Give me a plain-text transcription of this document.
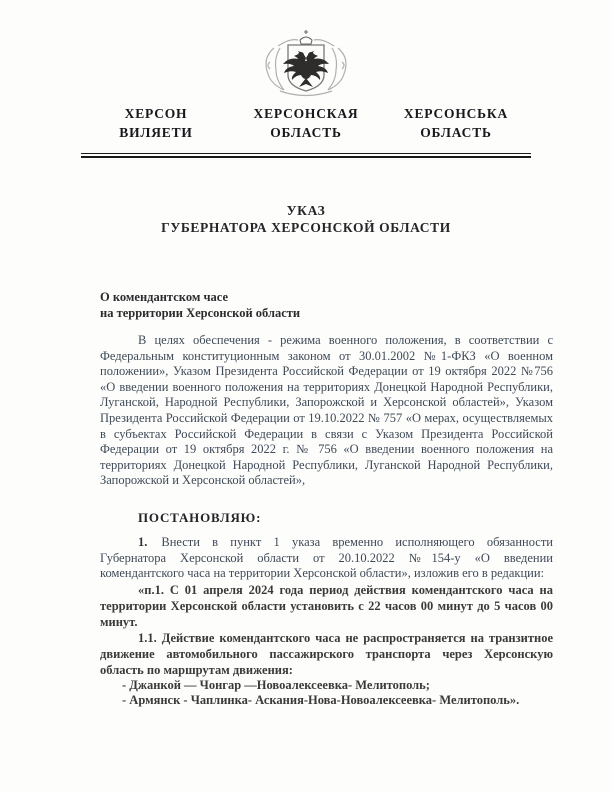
ХЕРСОН
ВИЛЯЕТИ
ХЕРСОНСКАЯ
ОБЛАСТЬ
ХЕРСОНСЬКА
ОБЛАСТЬ
УКАЗ
ГУБЕРНАТОРА ХЕРСОНСКОЙ ОБЛАСТИ
О комендантском часе
на территории Херсонской области

В целях обеспечения - режима военного положения, в соответствии с Федеральным конституционным законом от 30.01.2002 №1-ФКЗ «О военном положении», Указом Президента Российской Федерации от 19 октября 2022 №756 «О введении военного положения на территориях Донецкой Народной Республики, Луганской, Народной Республики, Запорожской и Херсонской областей», Указом Президента Российской Федерации от 19.10.2022 № 757 «О мерах, осуществляемых в субъектах Российской Федерации в связи с Указом Президента Российской Федерации от 19 октября 2022 г. № 756 «О введении военного положения на территориях Донецкой Народной Республики, Луганской Народной Республики, Запорожской и Херсонской областей»,

ПОСТАНОВЛЯЮ:

1. Внести в пункт 1 указа временно исполняющего обязанности Губернатора Херсонской области от 20.10.2022 №154-у «О введении комендантского часа на территории Херсонской области», изложив его в редакции:

«п.1. С 01 апреля 2024 года период действия комендантского часа на территории Херсонской области установить с 22 часов 00 минут до 5 часов 00 минут.

1.1. Действие комендантского часа не распространяется на транзитное движение автомобильного пассажирского транспорта через Херсонскую область по маршрутам движения:

- Джанкой — Чонгар —Новоалексеевка- Мелитополь;

- Армянск - Чаплинка- Аскания-Нова-Новоалексеевка- Мелитополь».
